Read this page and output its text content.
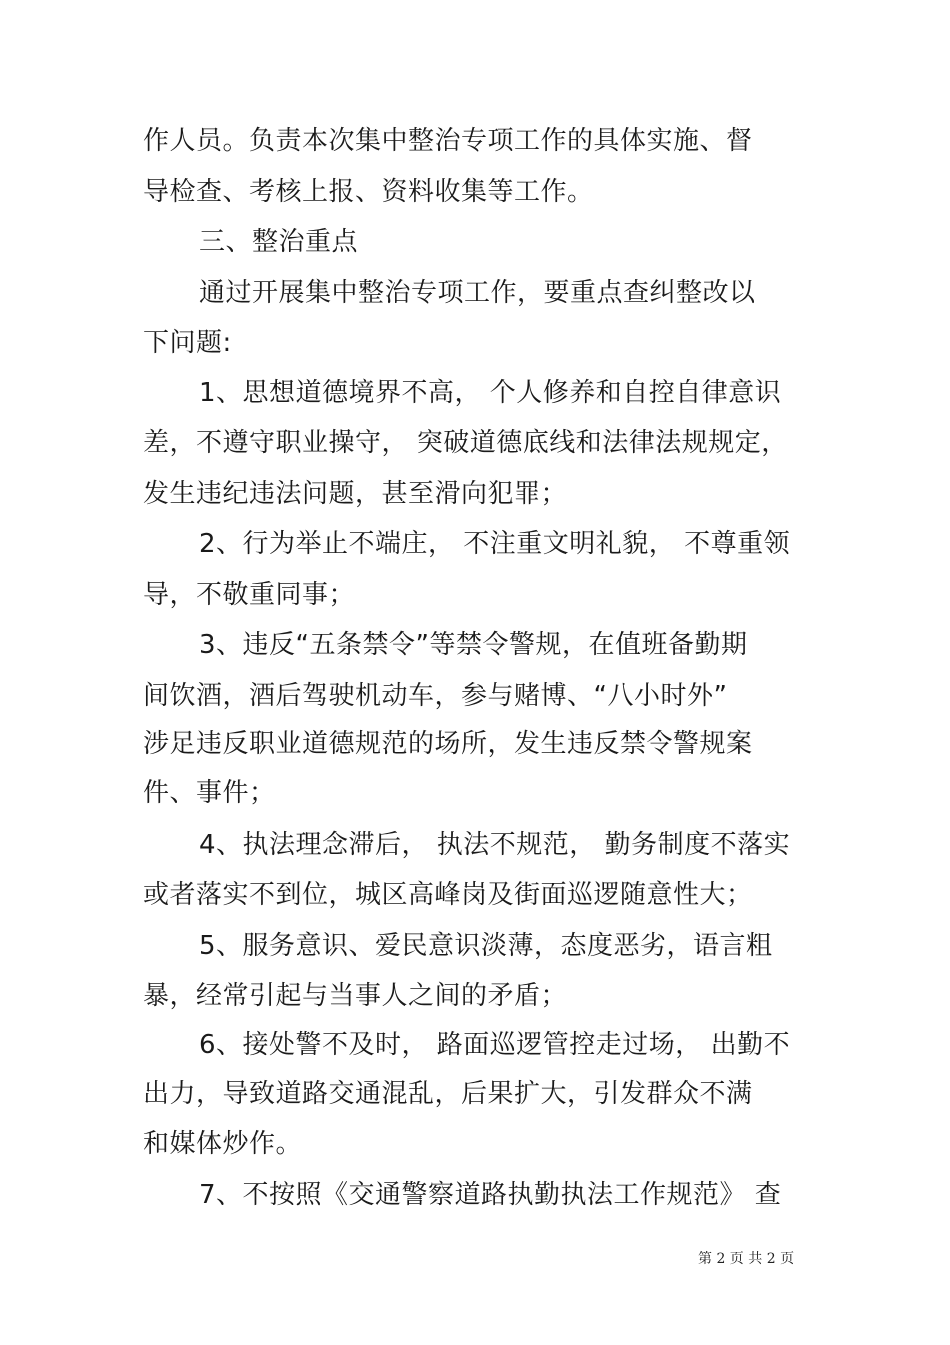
作人员。负责本次集中整治专项工作的具体实施、督
导检查、考核上报、资料收集等工作。
三、整治重点
通过开展集中整治专项工作，要重点查纠整改以
下问题:
1、思想道德境界不高， 个人修养和自控自律意识
差，不遵守职业操守， 突破道德底线和法律法规规定，
发生违纪违法问题，甚至滑向犯罪；
2、行为举止不端庄， 不注重文明礼貌， 不尊重领
导，不敬重同事；
3、违反“五条禁令”等禁令警规，在值班备勤期
间饮酒，酒后驾驶机动车，参与赌博、“八小时外”
涉足违反职业道德规范的场所，发生违反禁令警规案
件、事件；
4、执法理念滞后， 执法不规范， 勤务制度不落实
或者落实不到位，城区高峰岗及街面巡逻随意性大；
5、服务意识、爱民意识淡薄，态度恶劣，语言粗
暴，经常引起与当事人之间的矛盾；
6、接处警不及时， 路面巡逻管控走过场， 出勤不
出力，导致道路交通混乱，后果扩大，引发群众不满
和媒体炒作。
7、不按照《交通警察道路执勤执法工作规范》 查
第 2 页 共 2 页
